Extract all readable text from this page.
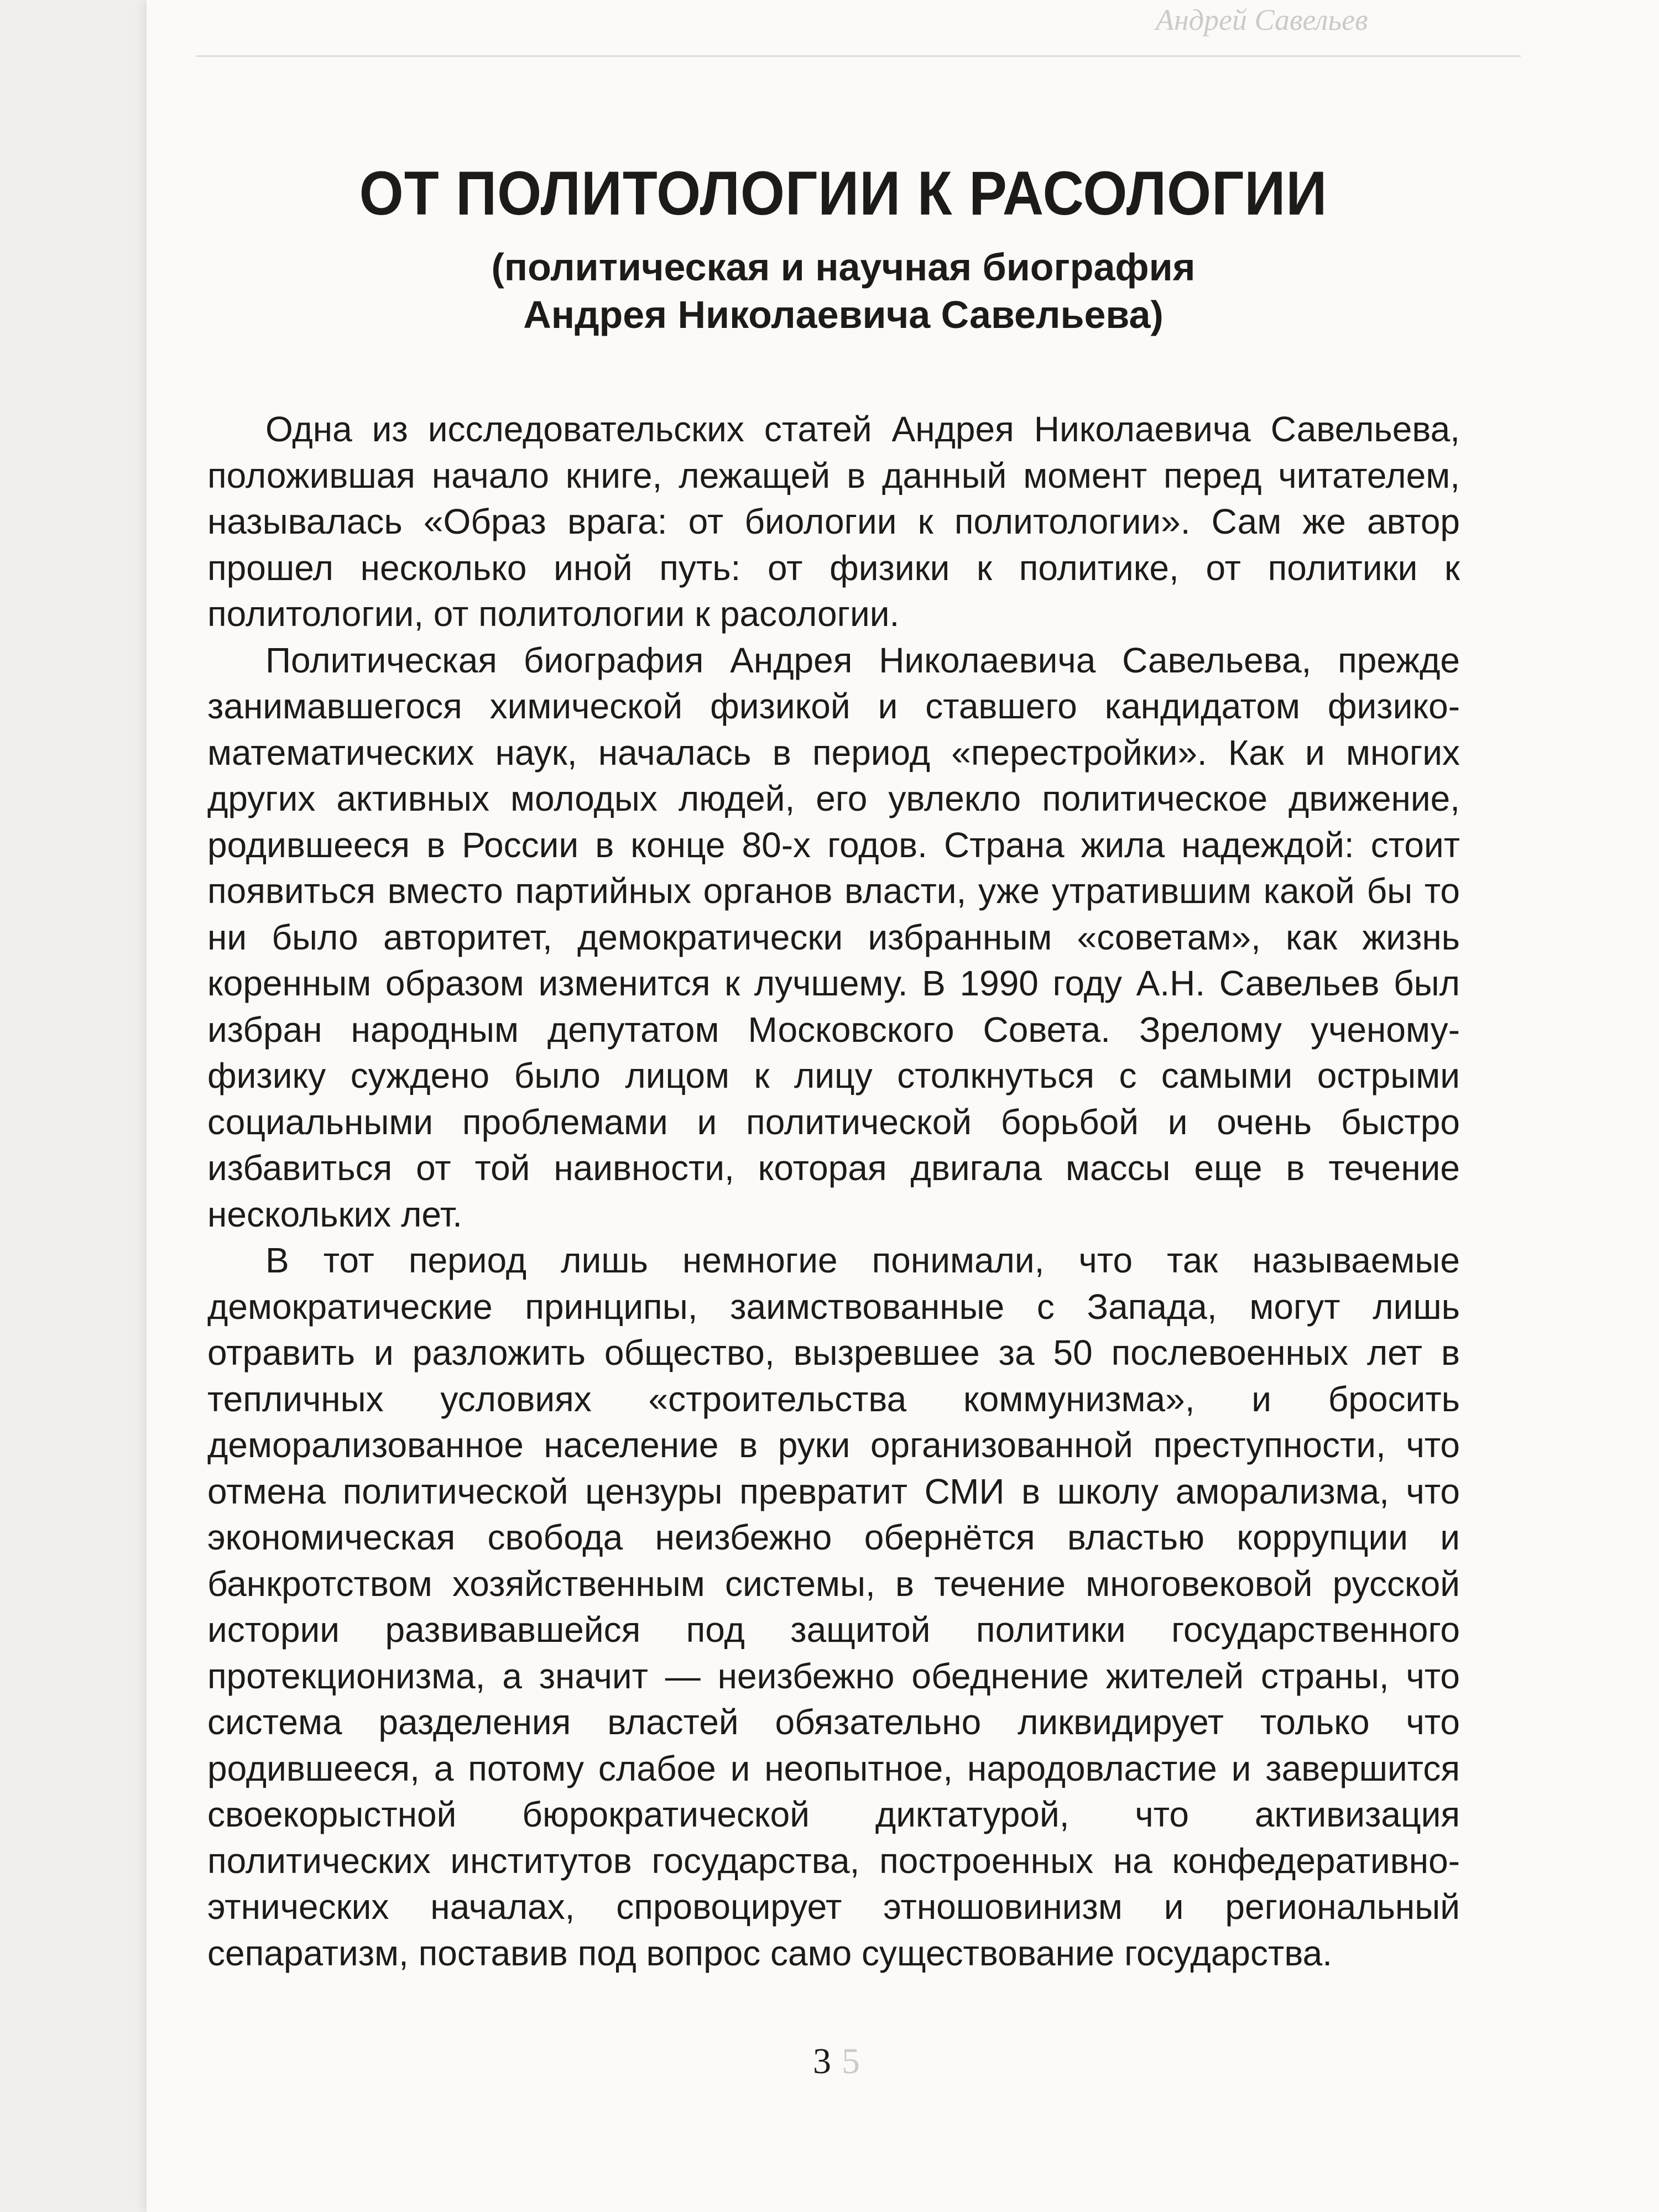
Андрей Савельев
ОТ ПОЛИТОЛОГИИ К РАСОЛОГИИ
(политическая и научная биография
Андрея Николаевича Савельева)

Одна из исследовательских статей Андрея Николаевича Савельева, положившая начало книге, лежащей в данный момент перед читателем, называлась «Образ врага: от биологии к политологии». Сам же автор прошел несколько иной путь: от физики к политике, от политики к политологии, от политологии к расологии.

Политическая биография Андрея Николаевича Савельева, прежде занимавшегося химической физикой и ставшего кандидатом физико-математических наук, началась в период «перестройки». Как и многих других активных молодых людей, его увлекло политическое движение, родившееся в России в конце 80-х годов. Страна жила надеждой: стоит появиться вместо партийных органов власти, уже утратившим какой бы то ни было авторитет, демократически избранным «советам», как жизнь коренным образом изменится к лучшему. В 1990 году А.Н. Савельев был избран народным депутатом Московского Совета. Зрелому ученому-физику суждено было лицом к лицу столкнуться с самыми острыми социальными проблемами и политической борьбой и очень быстро избавиться от той наивности, которая двигала массы еще в течение нескольких лет.

В тот период лишь немногие понимали, что так называемые демократические принципы, заимствованные с Запада, могут лишь отравить и разложить общество, вызревшее за 50 послевоенных лет в тепличных условиях «строительства коммунизма», и бросить деморализованное население в руки организованной преступности, что отмена политической цензуры превратит СМИ в школу аморализма, что экономическая свобода неизбежно обернётся властью коррупции и банкротством хозяйственным системы, в течение многовековой русской истории развивавшейся под защитой политики государственного протекционизма, а значит — неизбежно обеднение жителей страны, что система разделения властей обязательно ликвидирует только что родившееся, а потому слабое и неопытное, народовластие и завершится своекорыстной бюрократической диктатурой, что активизация политических институтов государства, построенных на конфедеративно-этнических началах, спровоцирует этношовинизм и региональный сепаратизм, поставив под вопрос само существование государства.

3 5
